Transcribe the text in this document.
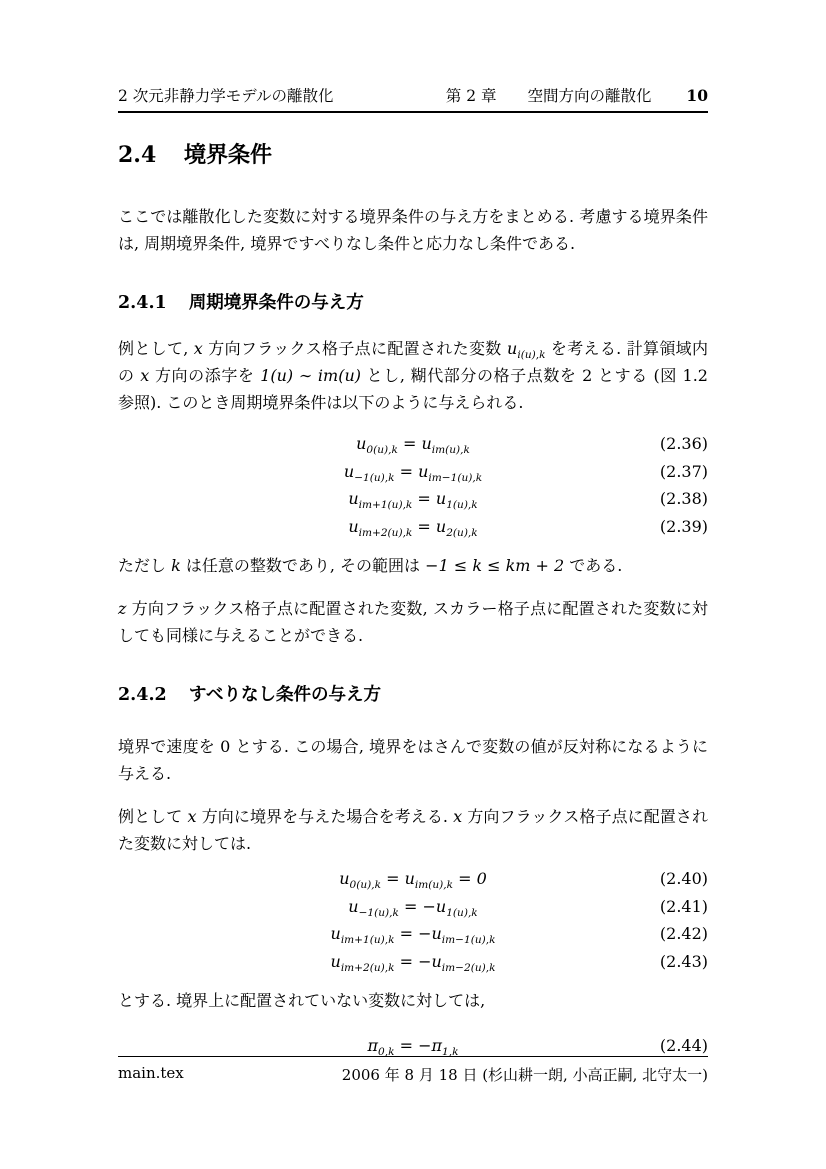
2 次元非静力学モデルの離散化	第 2 章 空間方向の離散化 10
2.4 境界条件

ここでは離散化した変数に対する境界条件の与え方をまとめる. 考慮する境界条件は, 周期境界条件, 境界ですべりなし条件と応力なし条件である.

2.4.1 周期境界条件の与え方

例として, x 方向フラックス格子点に配置された変数 $u_{i(u),k}$ を考える. 計算領域内の x 方向の添字を 1(u) ∼ im(u) とし, 糊代部分の格子点数を 2 とする (図 1.2 参照). このとき周期境界条件は以下のように与えられる.

$u_{0(u),k} = u_{im(u),k}$	(2.36)
$u_{-1(u),k} = u_{im-1(u),k}$	(2.37)
$u_{im+1(u),k} = u_{1(u),k}$	(2.38)
$u_{im+2(u),k} = u_{2(u),k}$	(2.39)

ただし k は任意の整数であり, その範囲は −1 ≤ k ≤ km + 2 である.

z 方向フラックス格子点に配置された変数, スカラー格子点に配置された変数に対しても同様に与えることができる.

2.4.2 すべりなし条件の与え方

境界で速度を 0 とする. この場合, 境界をはさんで変数の値が反対称になるように与える.

例として x 方向に境界を与えた場合を考える. x 方向フラックス格子点に配置された変数に対しては.

$u_{0(u),k} = u_{im(u),k} = 0$	(2.40)
$u_{-1(u),k} = -u_{1(u),k}$	(2.41)
$u_{im+1(u),k} = -u_{im-1(u),k}$	(2.42)
$u_{im+2(u),k} = -u_{im-2(u),k}$	(2.43)

とする. 境界上に配置されていない変数に対しては,

$\pi_{0,k} = -\pi_{1,k}$	(2.44)
main.tex	2006 年 8 月 18 日 (杉山耕一朗, 小高正嗣, 北守太一)
